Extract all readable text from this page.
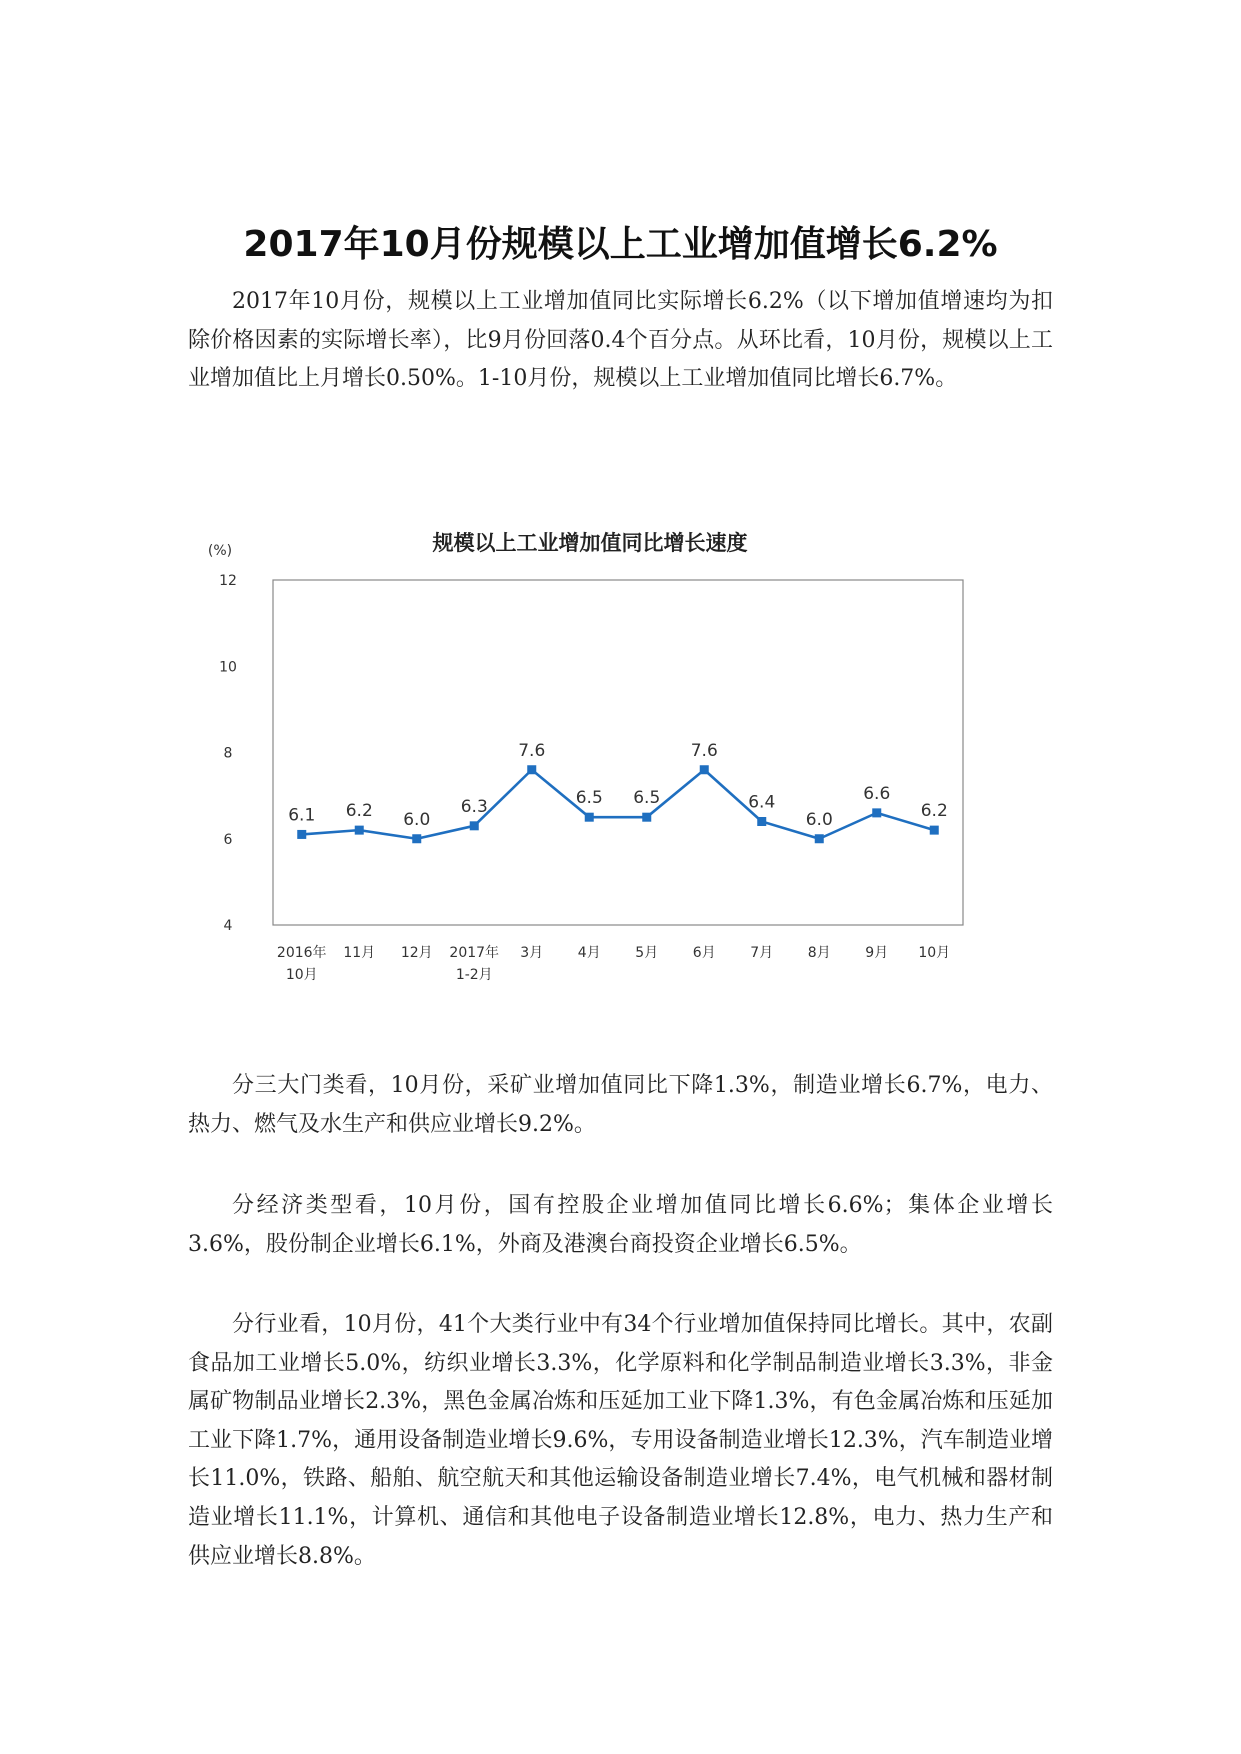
2017年10月份规模以上工业增加值增长6.2%

2017年10月份，规模以上工业增加值同比实际增长6.2%（以下增加值增速均为扣除价格因素的实际增长率），比9月份回落0.4个百分点。从环比看，10月份，规模以上工业增加值比上月增长0.50%。1-10月份，规模以上工业增加值同比增长6.7%。

规模以上工业增加值同比增长速度
(%)
4
6
8
10
12
2016年 10月
11月 12月 2017年 1-2月
3月 4月 5月 6月 7月 8月 9月 10月
6.1 6.2 6.0
6.3
7.6
6.5 6.5
7.6
6.4
6.0
6.6
6.2

分三大门类看，10月份，采矿业增加值同比下降1.3%，制造业增长6.7%，电力、热力、燃气及水生产和供应业增长9.2%。

分经济类型看，10月份，国有控股企业增加值同比增长6.6%；集体企业增长3.6%，股份制企业增长6.1%，外商及港澳台商投资企业增长6.5%。

分行业看，10月份，41个大类行业中有34个行业增加值保持同比增长。其中，农副食品加工业增长5.0%，纺织业增长3.3%，化学原料和化学制品制造业增长3.3%，非金属矿物制品业增长2.3%，黑色金属冶炼和压延加工业下降1.3%，有色金属冶炼和压延加工业下降1.7%，通用设备制造业增长9.6%，专用设备制造业增长12.3%，汽车制造业增长11.0%，铁路、船舶、航空航天和其他运输设备制造业增长7.4%，电气机械和器材制造业增长11.1%，计算机、通信和其他电子设备制造业增长12.8%，电力、热力生产和供应业增长8.8%。
